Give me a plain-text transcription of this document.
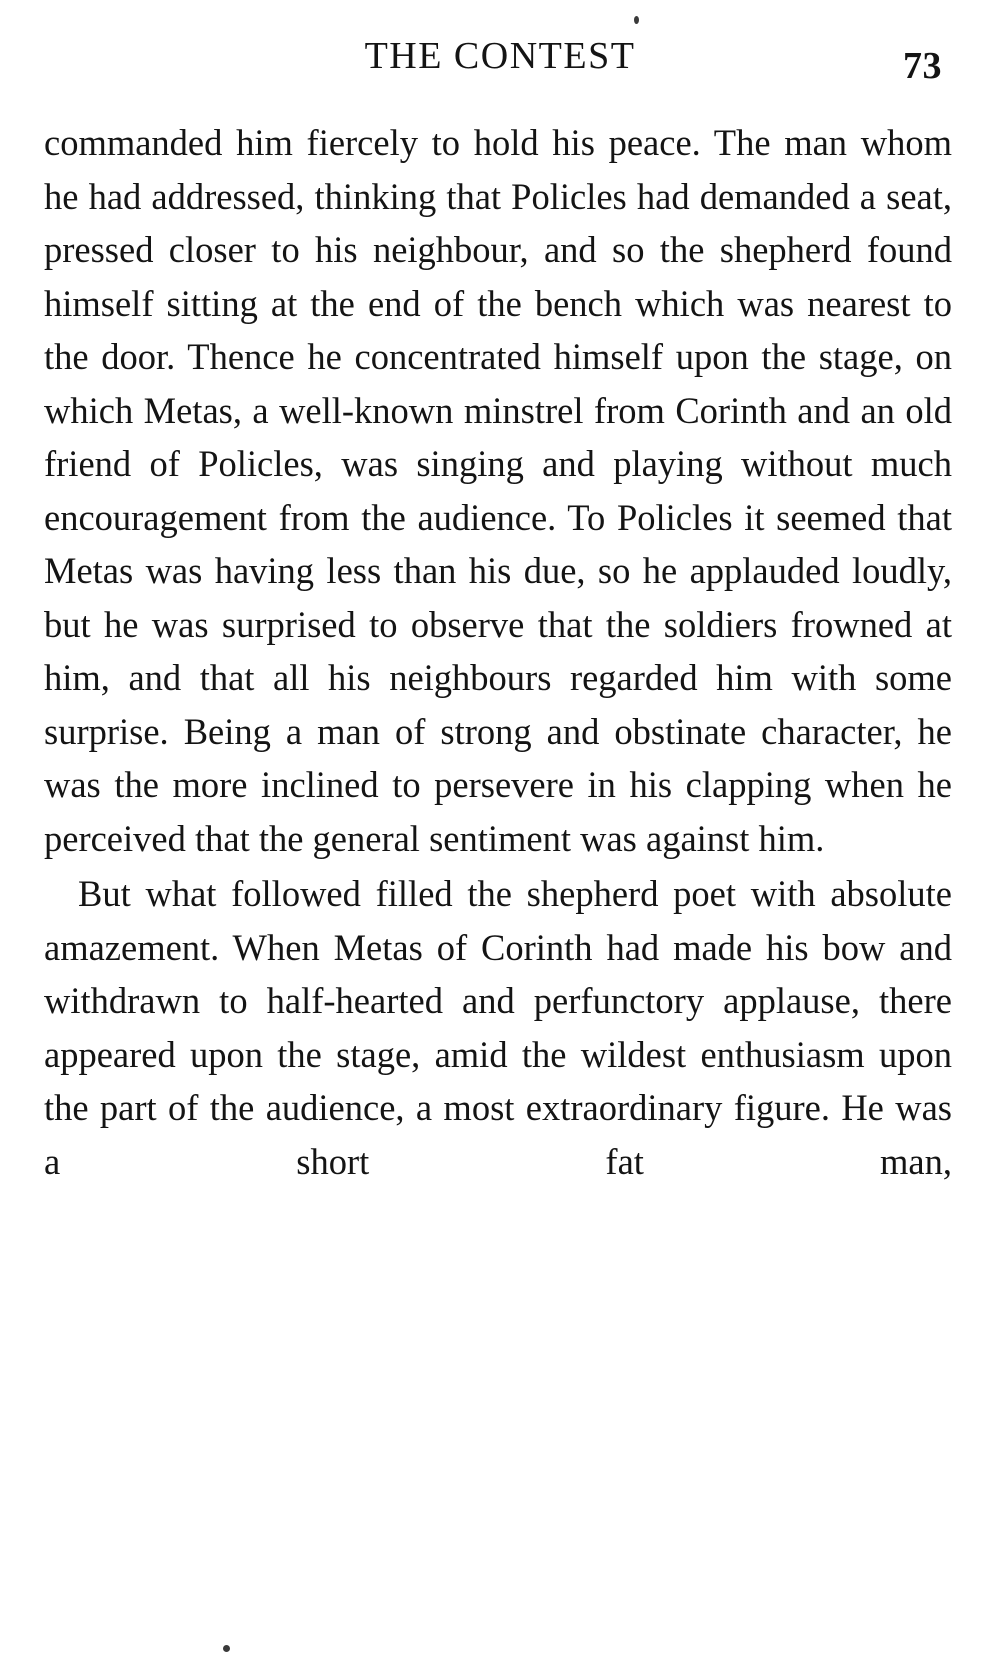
THE CONTEST	73

commanded him fiercely to hold his peace. The man whom he had addressed, thinking that Policles had demanded a seat, pressed closer to his neighbour, and so the shepherd found himself sitting at the end of the bench which was nearest to the door. Thence he concentrated himself upon the stage, on which Metas, a well-known minstrel from Corinth and an old friend of Policles, was singing and playing without much encouragement from the audience. To Policles it seemed that Metas was having less than his due, so he applauded loudly, but he was surprised to observe that the soldiers frowned at him, and that all his neighbours regarded him with some surprise. Being a man of strong and obstinate character, he was the more inclined to persevere in his clapping when he perceived that the general sentiment was against him.

But what followed filled the shepherd poet with absolute amazement. When Metas of Corinth had made his bow and withdrawn to half-hearted and perfunctory applause, there appeared upon the stage, amid the wildest enthusiasm upon the part of the audience, a most extraordinary figure. He was a short fat man,
